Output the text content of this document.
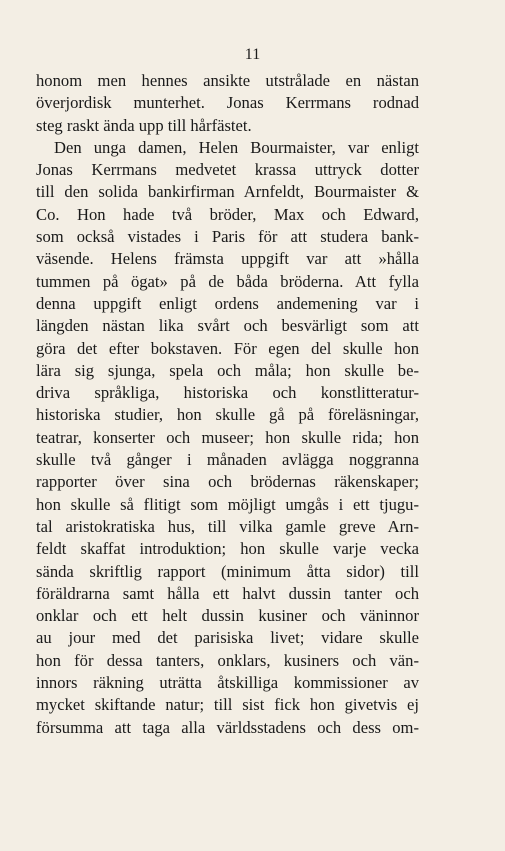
11
honom men hennes ansikte utstrålade en nästan
överjordisk munterhet. Jonas Kerrmans rodnad
steg raskt ända upp till hårfästet.
Den unga damen, Helen Bourmaister, var enligt
Jonas Kerrmans medvetet krassa uttryck dotter
till den solida bankirfirman Arnfeldt, Bourmaister &
Co. Hon hade två bröder, Max och Edward,
som också vistades i Paris för att studera bank-
väsende. Helens främsta uppgift var att »hålla
tummen på ögat» på de båda bröderna. Att fylla
denna uppgift enligt ordens andemening var i
längden nästan lika svårt och besvärligt som att
göra det efter bokstaven. För egen del skulle hon
lära sig sjunga, spela och måla; hon skulle be-
driva språkliga, historiska och konstlitteratur-
historiska studier, hon skulle gå på föreläsningar,
teatrar, konserter och museer; hon skulle rida; hon
skulle två gånger i månaden avlägga noggranna
rapporter över sina och brödernas räkenskaper;
hon skulle så flitigt som möjligt umgås i ett tjugu-
tal aristokratiska hus, till vilka gamle greve Arn-
feldt skaffat introduktion; hon skulle varje vecka
sända skriftlig rapport (minimum åtta sidor) till
föräldrarna samt hålla ett halvt dussin tanter och
onklar och ett helt dussin kusiner och väninnor
au jour med det parisiska livet; vidare skulle
hon för dessa tanters, onklars, kusiners och vän-
innors räkning uträtta åtskilliga kommissioner av
mycket skiftande natur; till sist fick hon givetvis ej
försumma att taga alla världsstadens och dess om-
